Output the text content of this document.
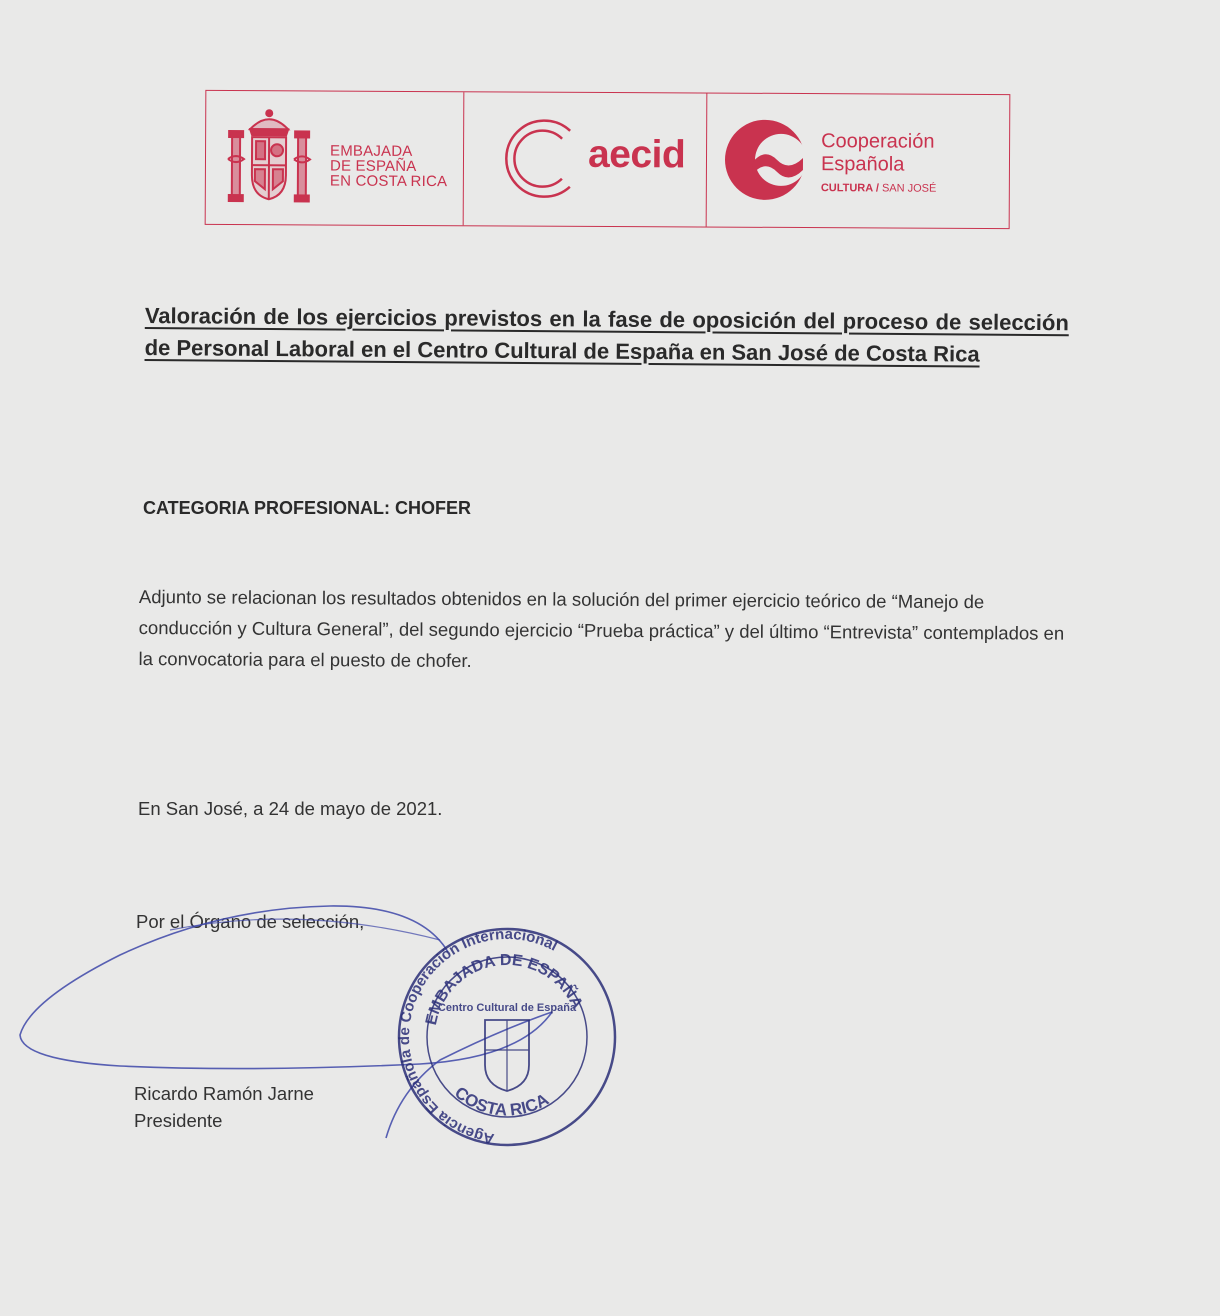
EMBAJADA
DE ESPAÑA
EN COSTA RICA
aecid	Cooperación
Española
CULTURA / SAN JOSÉ
Valoración de los ejercicios previstos en la fase de oposición del proceso de selección de Personal Laboral en el Centro Cultural de España en San José de Costa Rica
CATEGORIA PROFESIONAL: CHOFER
Adjunto se relacionan los resultados obtenidos en la solución del primer ejercicio teórico de “Manejo de conducción y Cultura General”, del segundo ejercicio “Prueba práctica” y del último “Entrevista” contemplados en la convocatoria para el puesto de chofer.
En San José, a 24 de mayo de 2021.
Por el Órgano de selección,
Agencia Española de Cooperación Internacional
EMBAJADA DE ESPAÑA
COSTA RICA
Centro Cultural de España
Ricardo Ramón Jarne
Presidente
